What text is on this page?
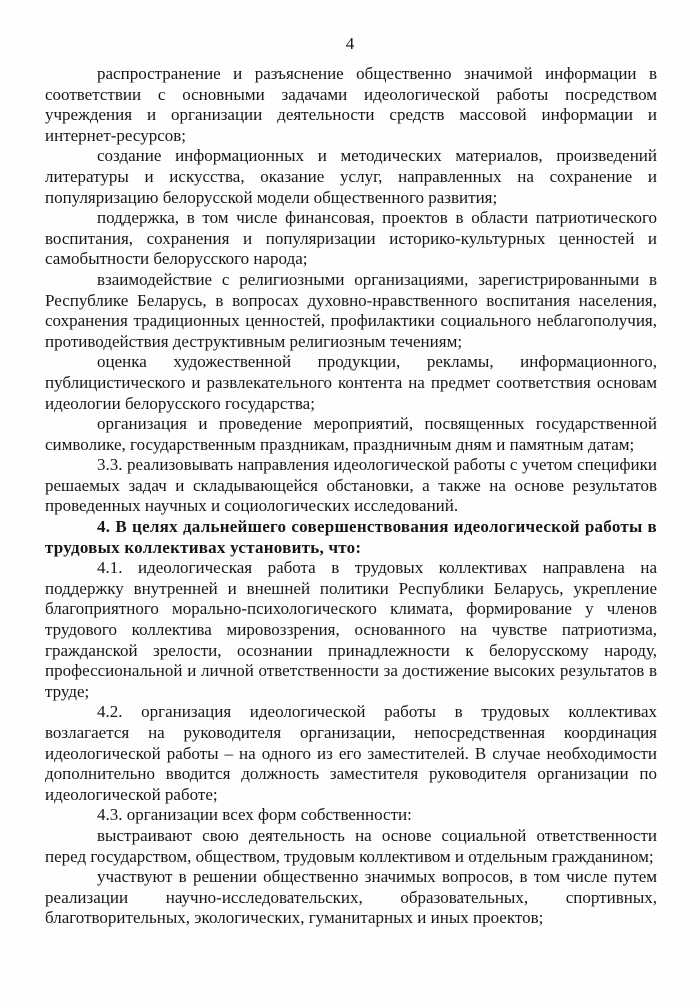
4

распространение и разъяснение общественно значимой информации в соответствии с основными задачами идеологической работы посредством учреждения и организации деятельности средств массовой информации и интернет-ресурсов;

создание информационных и методических материалов, произведений литературы и искусства, оказание услуг, направленных на сохранение и популяризацию белорусской модели общественного развития;

поддержка, в том числе финансовая, проектов в области патриотического воспитания, сохранения и популяризации историко-культурных ценностей и самобытности белорусского народа;

взаимодействие с религиозными организациями, зарегистрированными в Республике Беларусь, в вопросах духовно-нравственного воспитания населения, сохранения традиционных ценностей, профилактики социального неблагополучия, противодействия деструктивным религиозным течениям;

оценка художественной продукции, рекламы, информационного, публицистического и развлекательного контента на предмет соответствия основам идеологии белорусского государства;

организация и проведение мероприятий, посвященных государственной символике, государственным праздникам, праздничным дням и памятным датам;

3.3. реализовывать направления идеологической работы с учетом специфики решаемых задач и складывающейся обстановки, а также на основе результатов проведенных научных и социологических исследований.

4. В целях дальнейшего совершенствования идеологической работы в трудовых коллективах установить, что:

4.1. идеологическая работа в трудовых коллективах направлена на поддержку внутренней и внешней политики Республики Беларусь, укрепление благоприятного морально-психологического климата, формирование у членов трудового коллектива мировоззрения, основанного на чувстве патриотизма, гражданской зрелости, осознании принадлежности к белорусскому народу, профессиональной и личной ответственности за достижение высоких результатов в труде;

4.2. организация идеологической работы в трудовых коллективах возлагается на руководителя организации, непосредственная координация идеологической работы – на одного из его заместителей. В случае необходимости дополнительно вводится должность заместителя руководителя организации по идеологической работе;

4.3. организации всех форм собственности:

выстраивают свою деятельность на основе социальной ответственности перед государством, обществом, трудовым коллективом и отдельным гражданином;

участвуют в решении общественно значимых вопросов, в том числе путем реализации научно-исследовательских, образовательных, спортивных, благотворительных, экологических, гуманитарных и иных проектов;
